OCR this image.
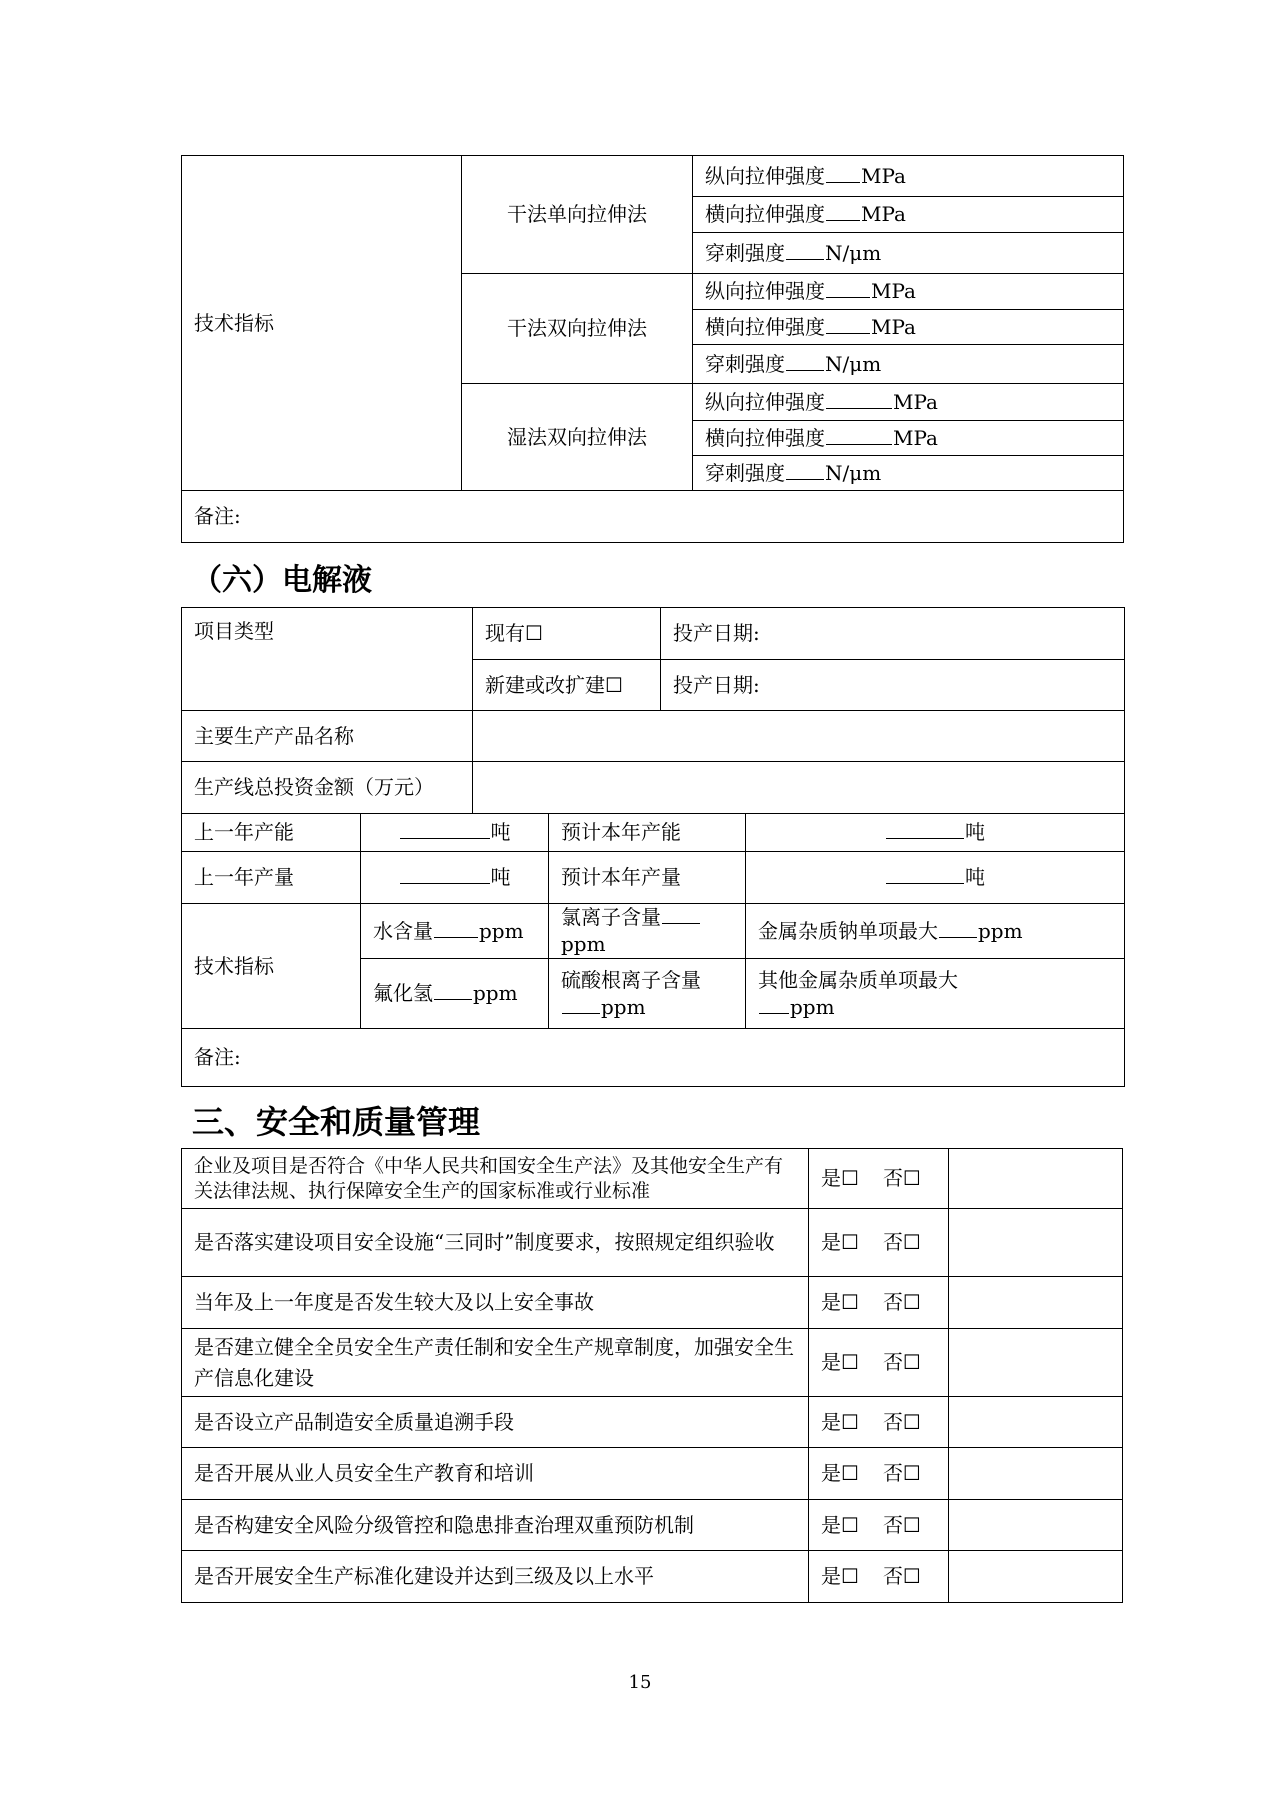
技术指标	干法单向拉伸法	纵向拉伸强度 MPa
		横向拉伸强度 MPa
		穿刺强度 N/μm
	干法双向拉伸法	纵向拉伸强度 MPa
		横向拉伸强度 MPa
		穿刺强度 N/μm
	湿法双向拉伸法	纵向拉伸强度 MPa
		横向拉伸强度 MPa
		穿刺强度 N/μm
备注:		
（六）电解液
项目类型		现有☐		投产日期:	
		新建或改扩建☐		投产日期:	
主要生产产品名称					
生产线总投资金额（万元）					
上一年产能	吨		预计本年产能		吨
上一年产量	吨		预计本年产量		吨
技术指标	水含量 ppm		氯离子含量ppm		金属杂质钠单项最大 ppm
	氟化氢 ppm		硫酸根离子含量ppm		其他金属杂质单项最大
ppm
备注:					
三、安全和质量管理
企业及项目是否符合《中华人民共和国安全生产法》及其他安全生产有关法律法规、执行保障安全生产的国家标准或行业标准	是☐ 否☐	
是否落实建设项目安全设施“三同时”制度要求，按照规定组织验收	是☐ 否☐	
当年及上一年度是否发生较大及以上安全事故	是☐ 否☐	
是否建立健全全员安全生产责任制和安全生产规章制度，加强安全生产信息化建设	是☐ 否☐	
是否设立产品制造安全质量追溯手段	是☐ 否☐	
是否开展从业人员安全生产教育和培训	是☐ 否☐	
是否构建安全风险分级管控和隐患排查治理双重预防机制	是☐ 否☐	
是否开展安全生产标准化建设并达到三级及以上水平	是☐ 否☐	
15
